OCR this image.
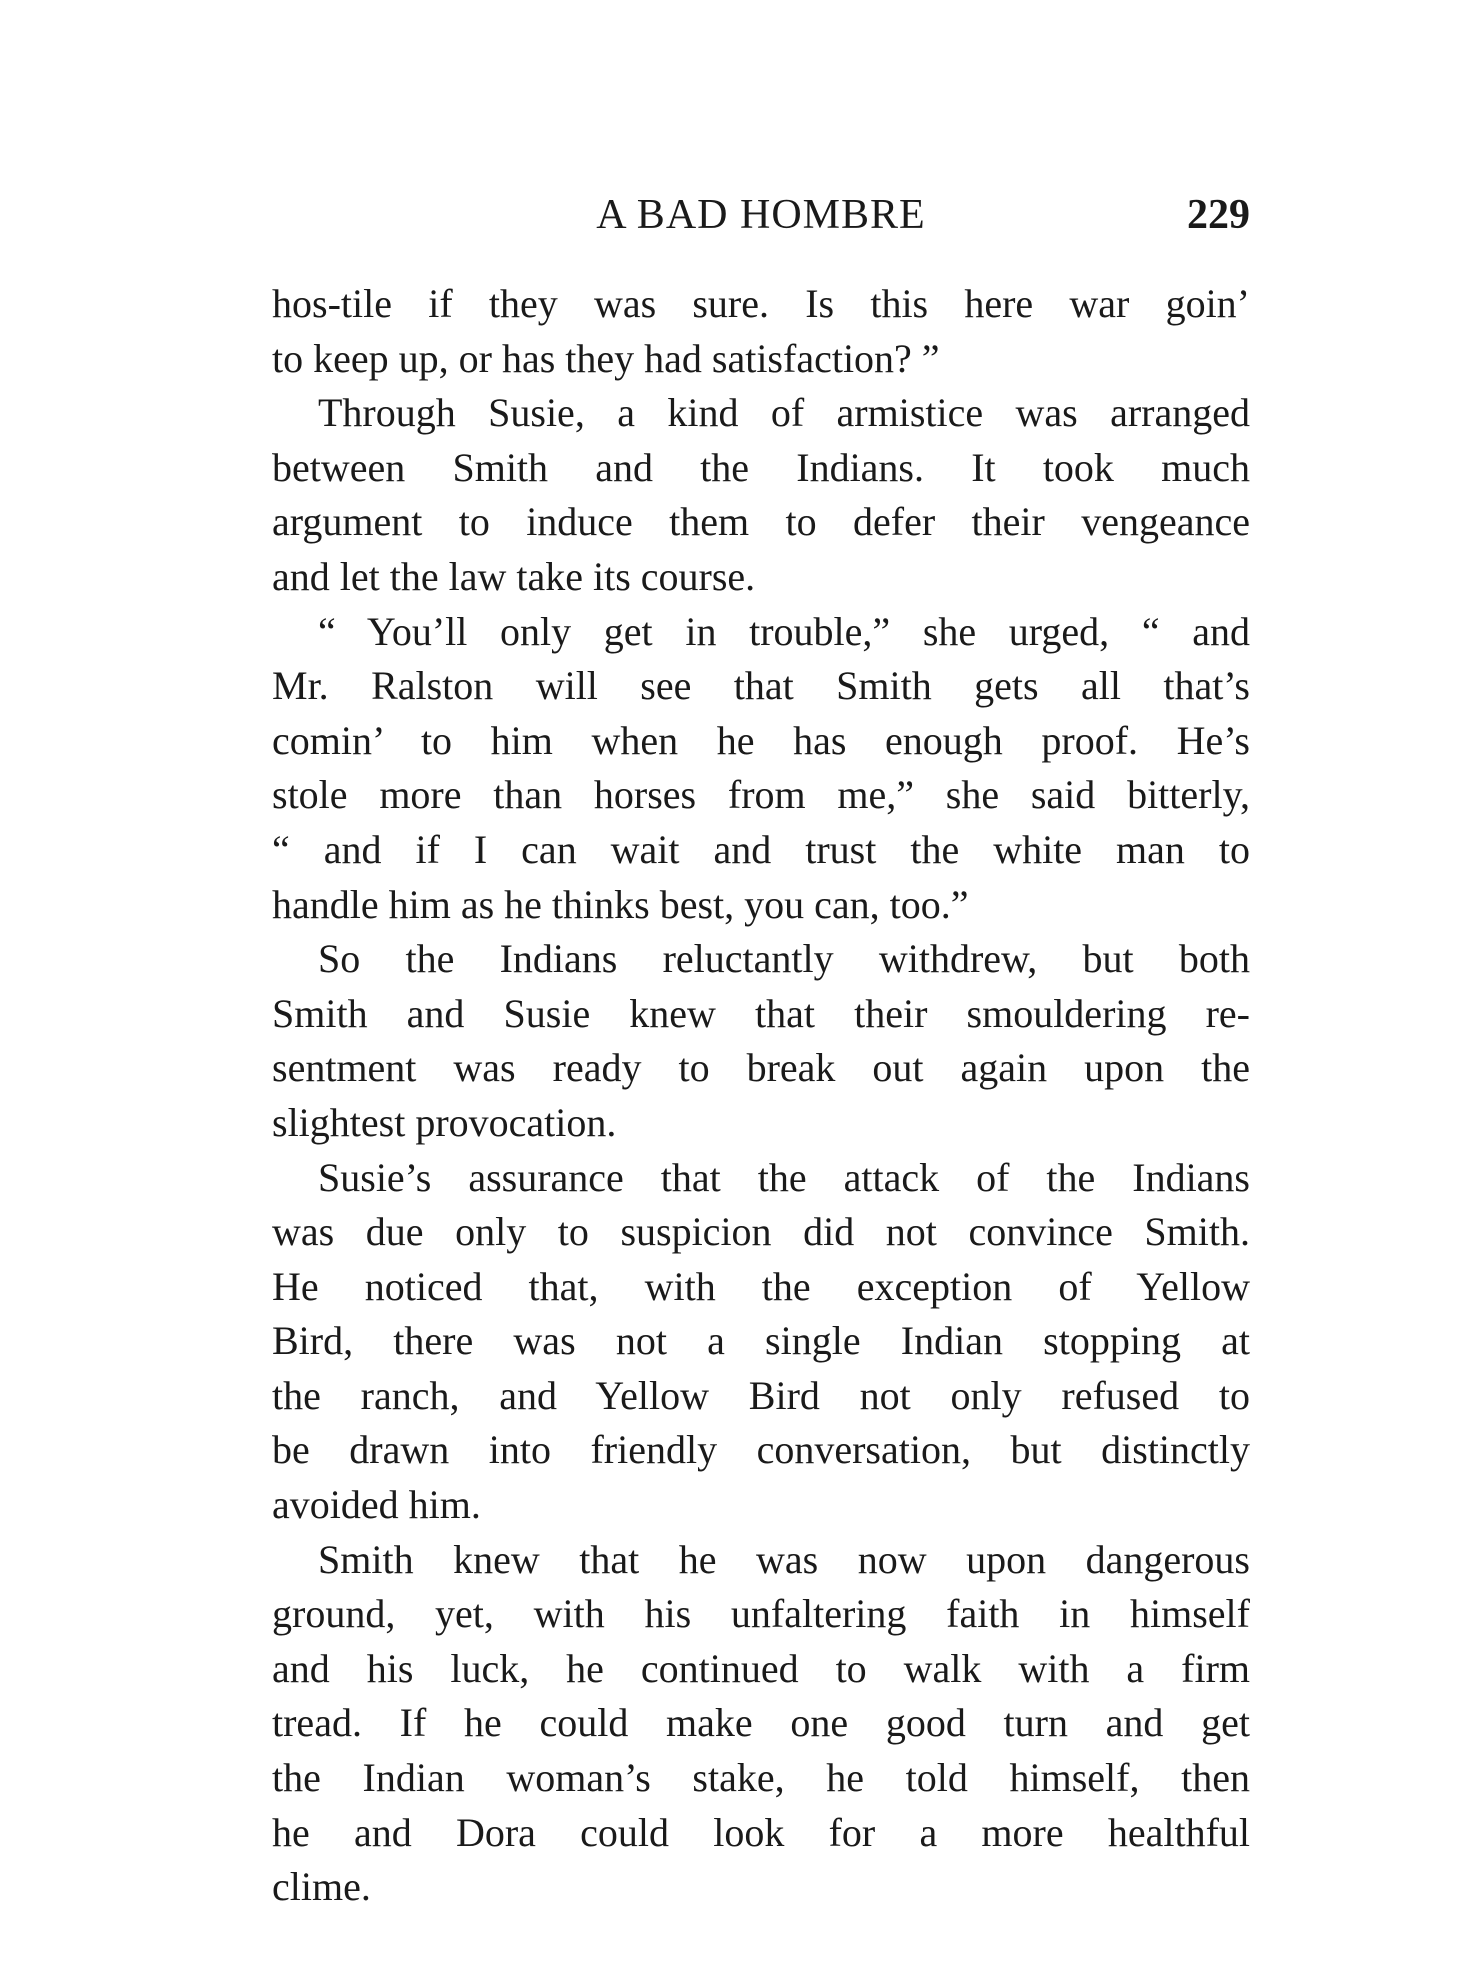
A BAD HOMBRE	229
hos-tile if they was sure. Is this here war goin’
to keep up, or has they had satisfaction? ”
Through Susie, a kind of armistice was arranged
between Smith and the Indians. It took much
argument to induce them to defer their vengeance
and let the law take its course.
“ You’ll only get in trouble,” she urged, “ and
Mr. Ralston will see that Smith gets all that’s
comin’ to him when he has enough proof. He’s
stole more than horses from me,” she said bitterly,
“ and if I can wait and trust the white man to
handle him as he thinks best, you can, too.”
So the Indians reluctantly withdrew, but both
Smith and Susie knew that their smouldering re-
sentment was ready to break out again upon the
slightest provocation.
Susie’s assurance that the attack of the Indians
was due only to suspicion did not convince Smith.
He noticed that, with the exception of Yellow
Bird, there was not a single Indian stopping at
the ranch, and Yellow Bird not only refused to
be drawn into friendly conversation, but distinctly
avoided him.
Smith knew that he was now upon dangerous
ground, yet, with his unfaltering faith in himself
and his luck, he continued to walk with a firm
tread. If he could make one good turn and get
the Indian woman’s stake, he told himself, then
he and Dora could look for a more healthful
clime.
